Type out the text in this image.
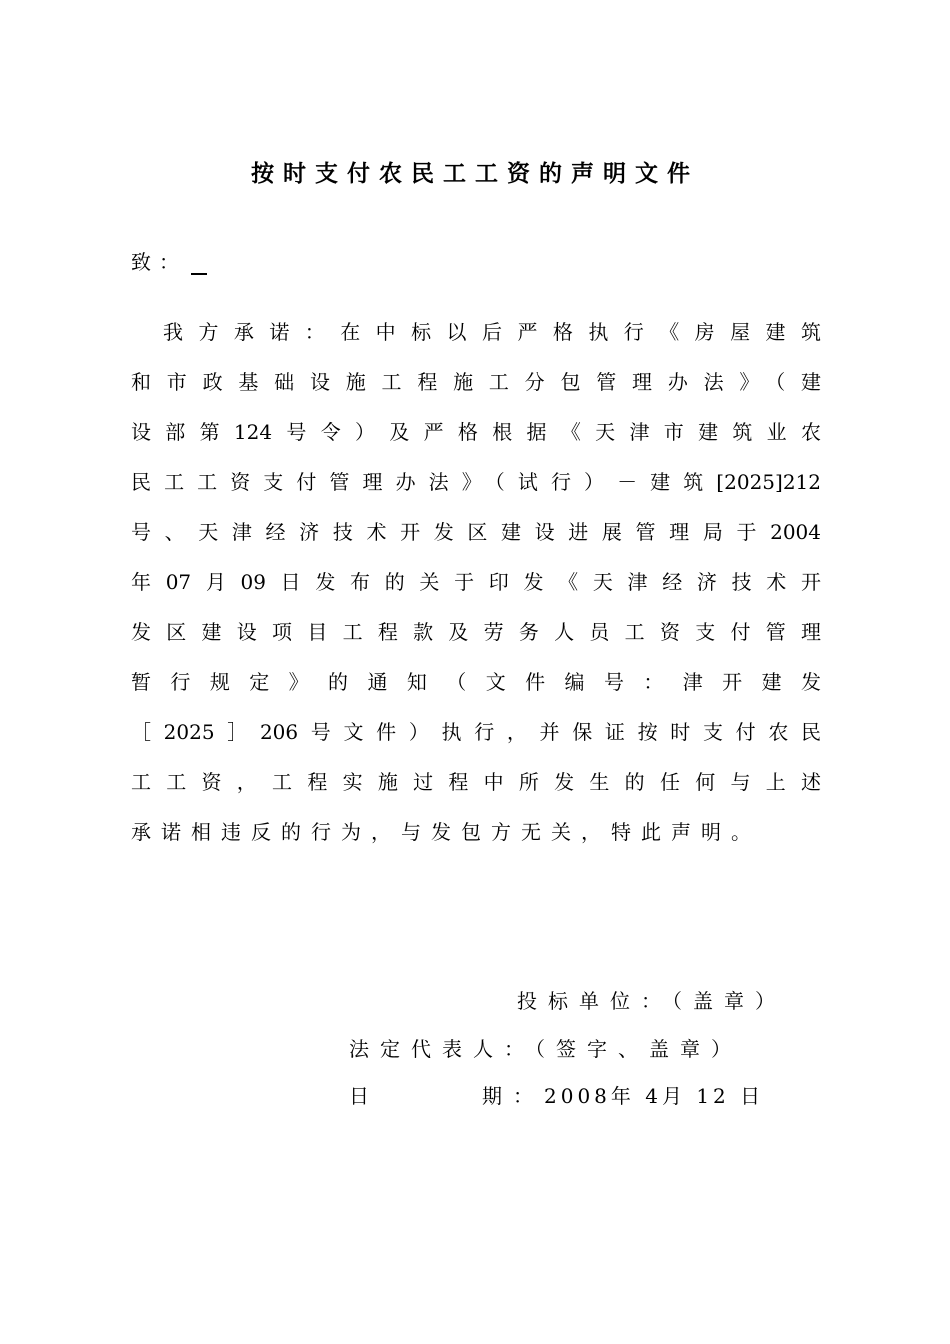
按时支付农民工工资的声明文件
致：
我方承诺：在中标以后严格执行《房屋建筑
和市政基础设施工程施工分包管理办法》（建
设部第124号令）及严格根据《天津市建筑业农
民工工资支付管理办法》（试行）－建筑[2025]212
号、天津经济技术开发区建设进展管理局于2004
年07月09日发布的关于印发《天津经济技术开
发区建设项目工程款及劳务人员工资支付管理
暂行规定》的通知（文件编号：津开建发
［2025］206号文件）执行，并保证按时支付农民
工工资，工程实施过程中所发生的任何与上述
承诺相违反的行为，与发包方无关，特此声明。
投标单位：（盖章）
法定代表人：（签字、盖章）
日	期：2008年 4月 12 日
